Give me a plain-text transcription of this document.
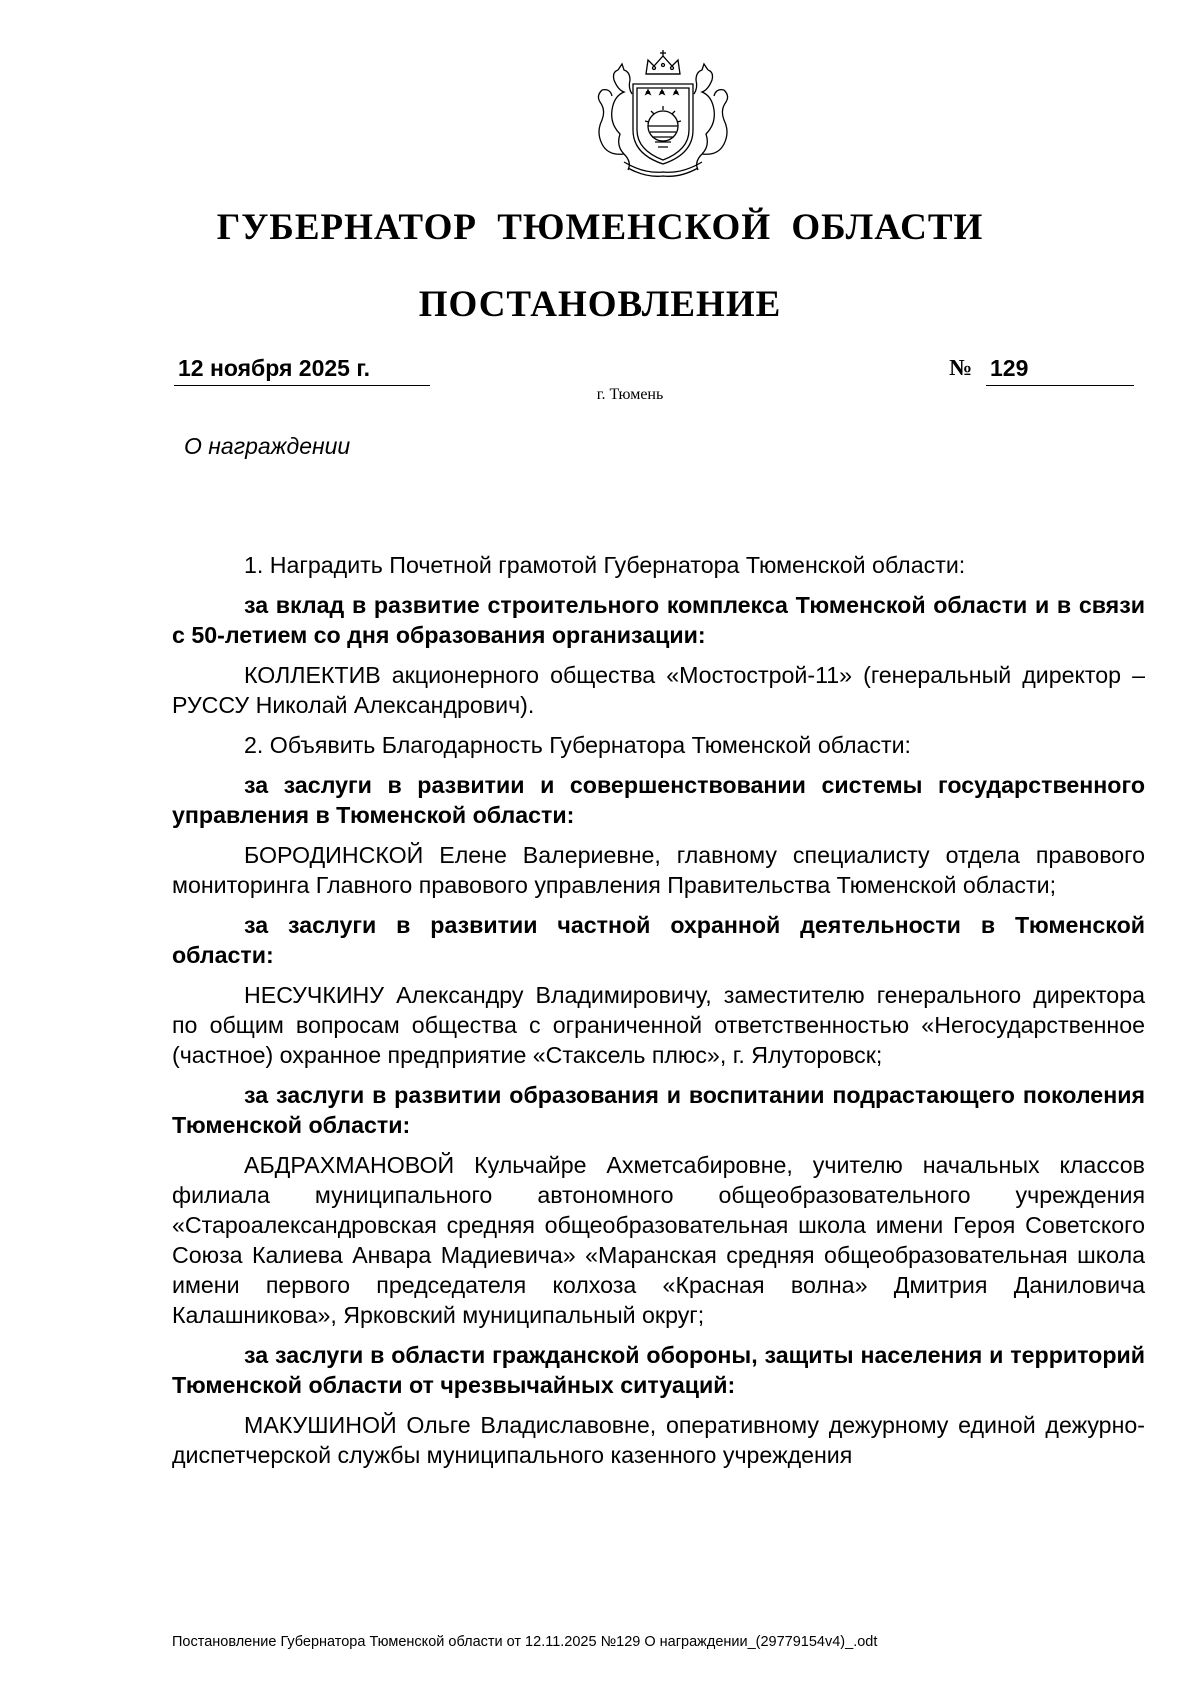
ГУБЕРНАТОР ТЮМЕНСКОЙ ОБЛАСТИ
ПОСТАНОВЛЕНИЕ
12 ноября 2025 г.	№ 129
г. Тюмень
О награждении

1. Наградить Почетной грамотой Губернатора Тюменской области:

за вклад в развитие строительного комплекса Тюменской области и в связи с 50-летием со дня образования организации:

КОЛЛЕКТИВ акционерного общества «Мостострой-11» (генеральный директор – РУССУ Николай Александрович).

2. Объявить Благодарность Губернатора Тюменской области:

за заслуги в развитии и совершенствовании системы государственного управления в Тюменской области:

БОРОДИНСКОЙ Елене Валериевне, главному специалисту отдела правового мониторинга Главного правового управления Правительства Тюменской области;

за заслуги в развитии частной охранной деятельности в Тюменской области:

НЕСУЧКИНУ Александру Владимировичу, заместителю генерального директора по общим вопросам общества с ограниченной ответственностью «Негосударственное (частное) охранное предприятие «Стаксель плюс», г. Ялуторовск;

за заслуги в развитии образования и воспитании подрастающего поколения Тюменской области:

АБДРАХМАНОВОЙ Кульчайре Ахметсабировне, учителю начальных классов филиала муниципального автономного общеобразовательного учреждения «Староалександровская средняя общеобразовательная школа имени Героя Советского Союза Калиева Анвара Мадиевича» «Маранская средняя общеобразовательная школа имени первого председателя колхоза «Красная волна» Дмитрия Даниловича Калашникова», Ярковский муниципальный округ;

за заслуги в области гражданской обороны, защиты населения и территорий Тюменской области от чрезвычайных ситуаций:

МАКУШИНОЙ Ольге Владиславовне, оперативному дежурному единой дежурно-диспетчерской службы муниципального казенного учреждения

Постановление Губернатора Тюменской области от 12.11.2025 №129 О награждении_(29779154v4)_.odt
